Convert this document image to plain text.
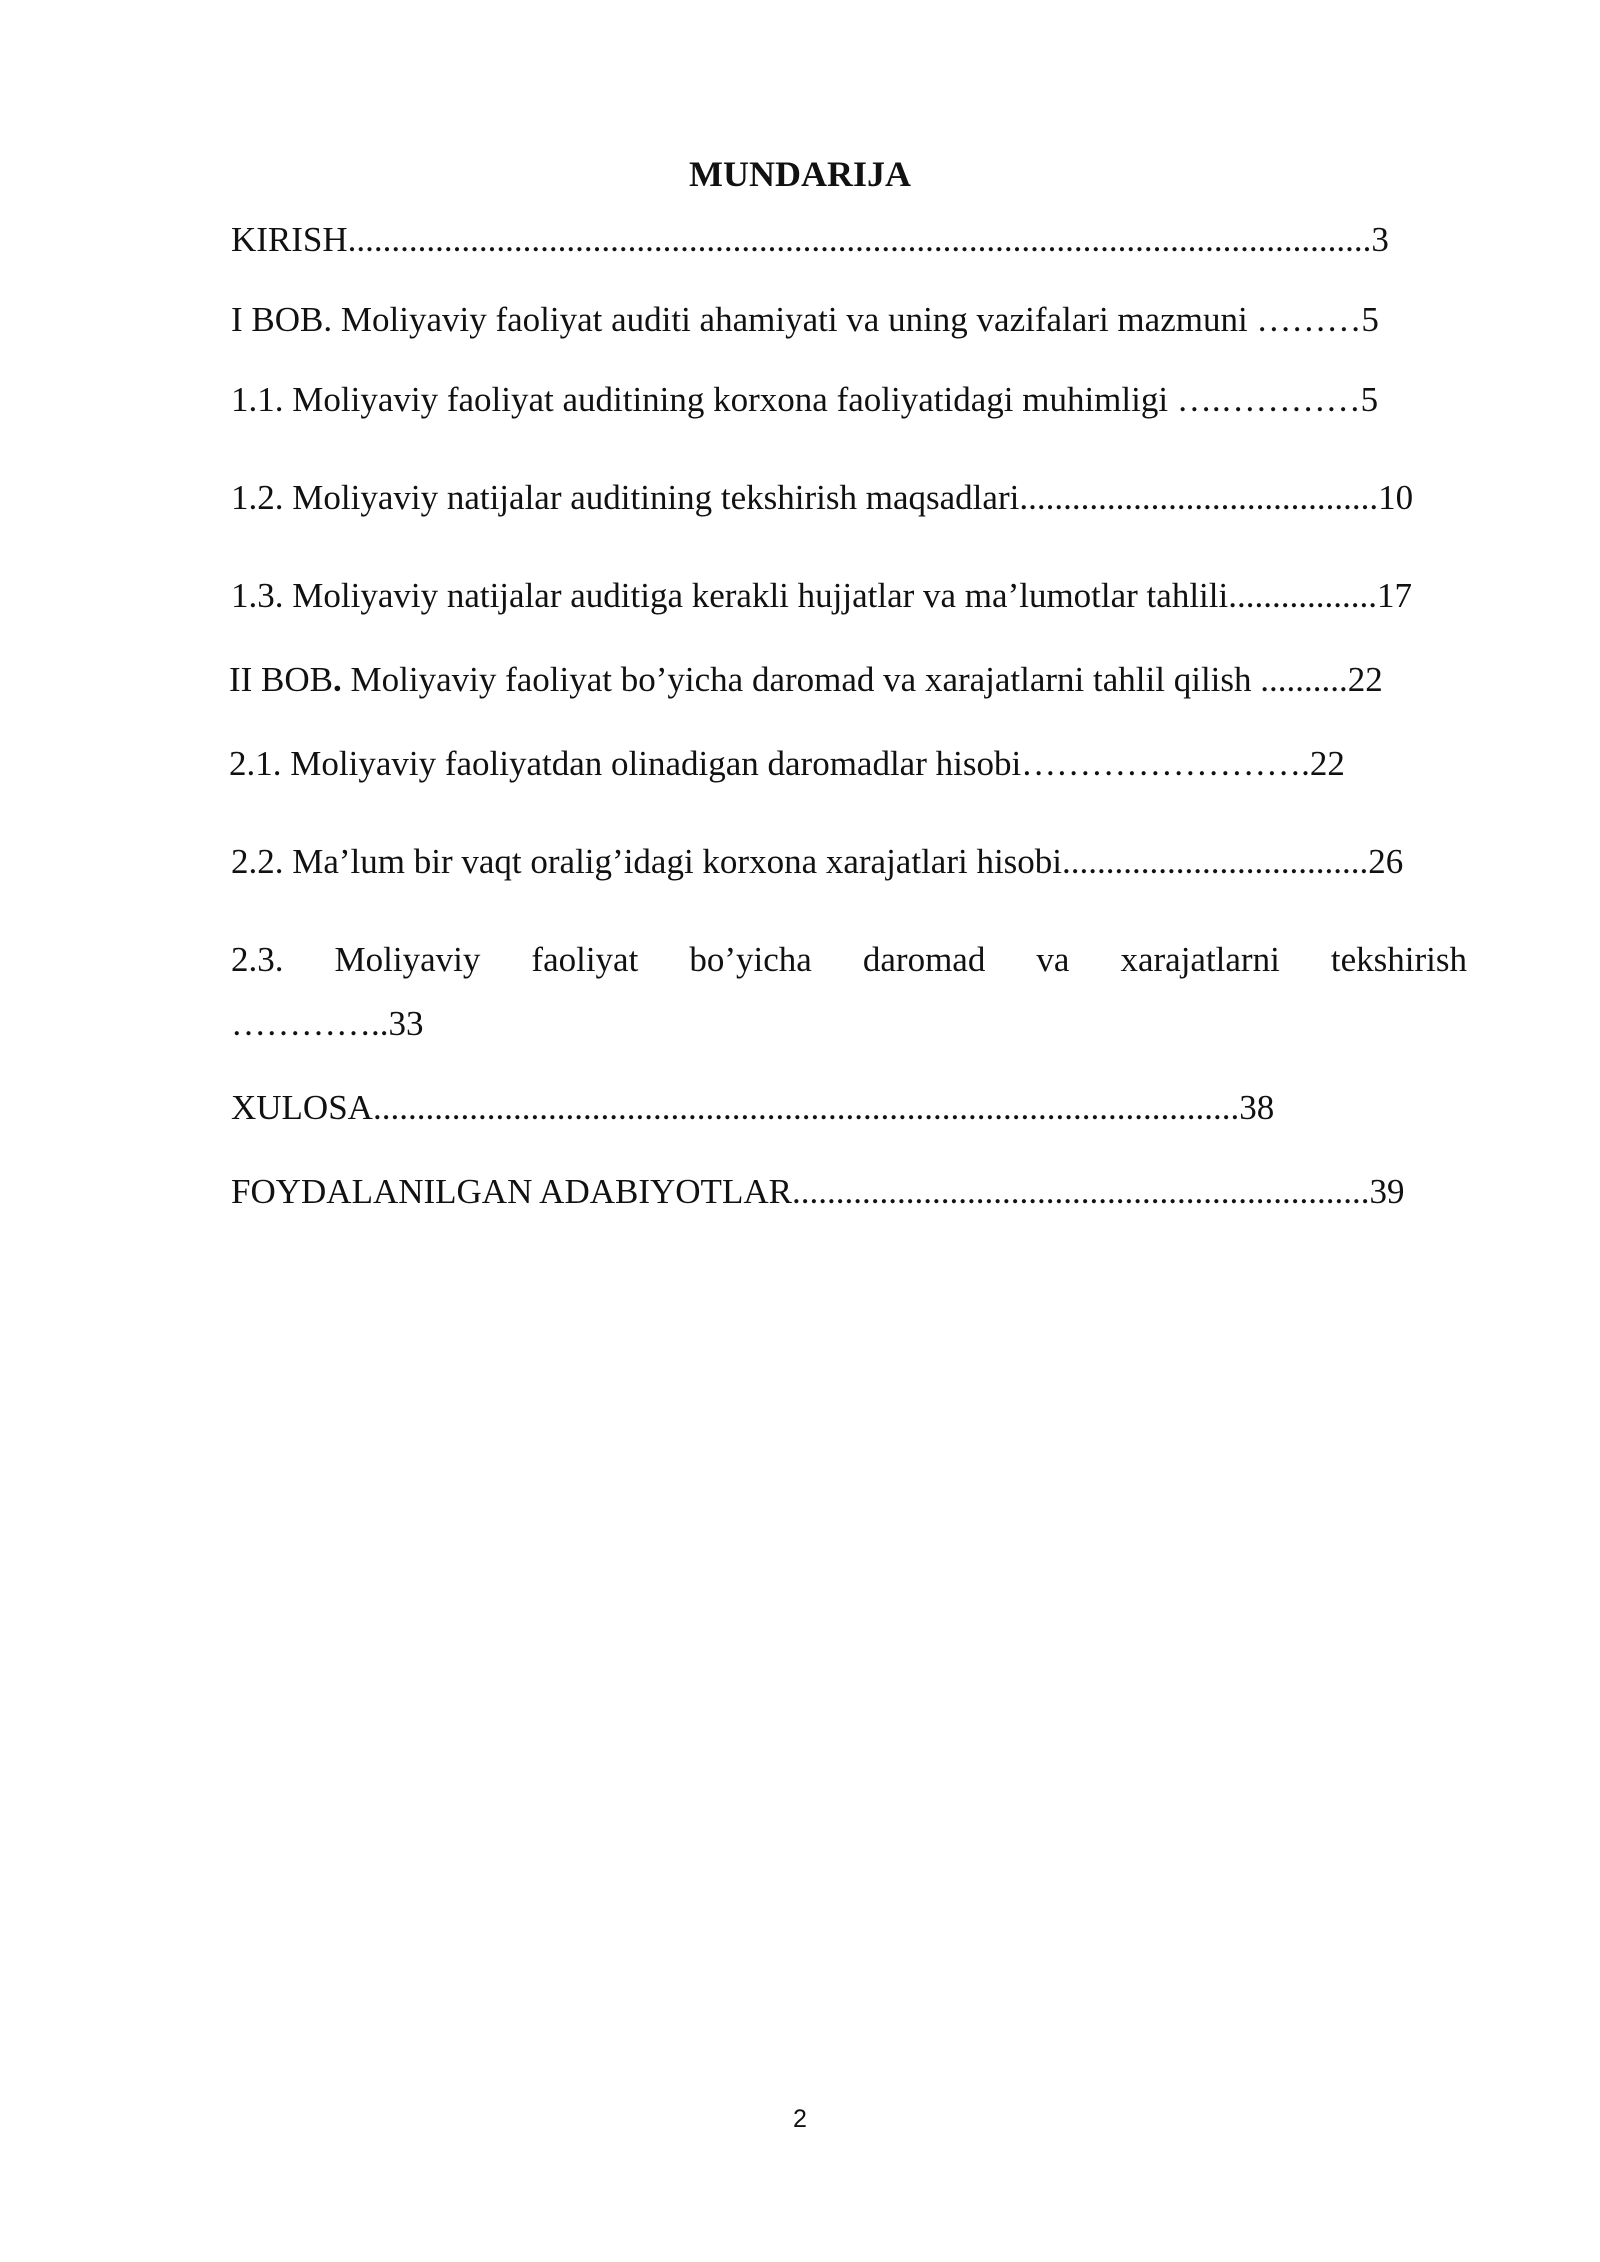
MUNDARIJA
KIRISH.....................................................................................................................3
I BOB. Moliyaviy faoliyat auditi ahamiyati va uning vazifalari mazmuni ………5
1.1. Moliyaviy faoliyat auditining korxona faoliyatidagi muhimligi ….…………5
1.2. Moliyaviy natijalar auditining tekshirish maqsadlari.........................................10
1.3. Moliyaviy natijalar auditiga kerakli hujjatlar va ma’lumotlar tahlili.................17
II BOB. Moliyaviy faoliyat bo’yicha daromad va xarajatlarni tahlil qilish ..........22
2.1. Moliyaviy faoliyatdan olinadigan daromadlar hisobi…………………….22
2.2. Ma’lum bir vaqt oralig’idagi korxona xarajatlari hisobi...................................26
2.3. Moliyaviy faoliyat bo’yicha daromad va xarajatlarni tekshirish
…………..33
XULOSA...................................................................................................38
FOYDALANILGAN ADABIYOTLAR..................................................................39
2
